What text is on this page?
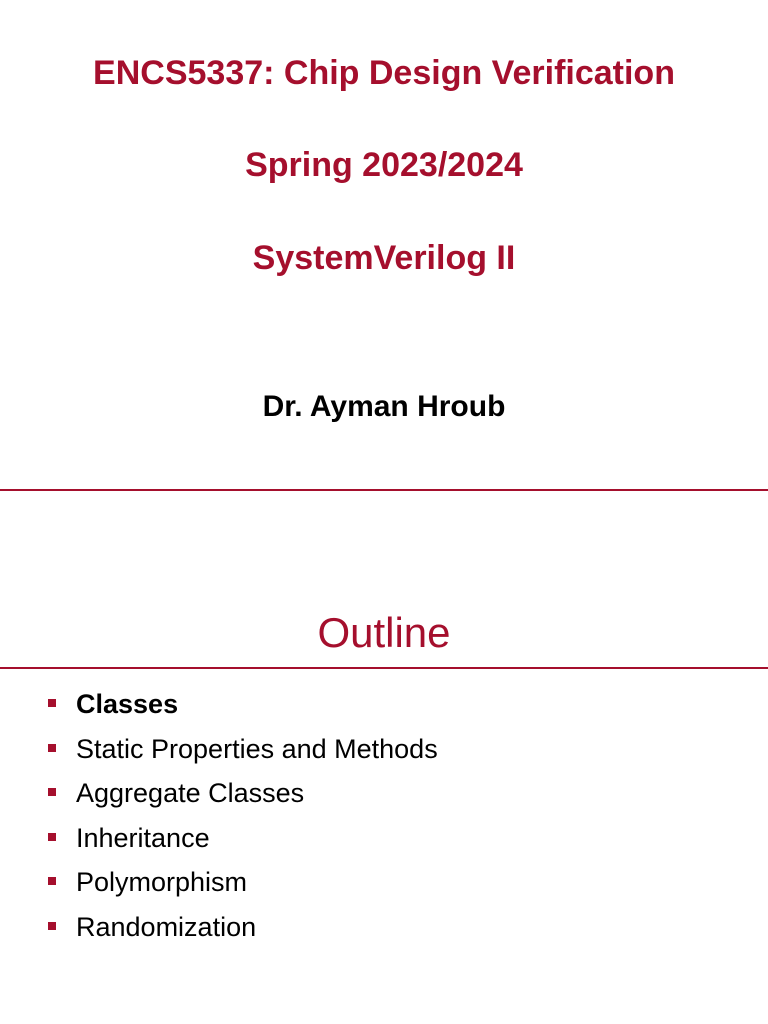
ENCS5337: Chip Design Verification
Spring 2023/2024
SystemVerilog II
Dr. Ayman Hroub
Outline
Classes
Static Properties and Methods
Aggregate Classes
Inheritance
Polymorphism
Randomization
